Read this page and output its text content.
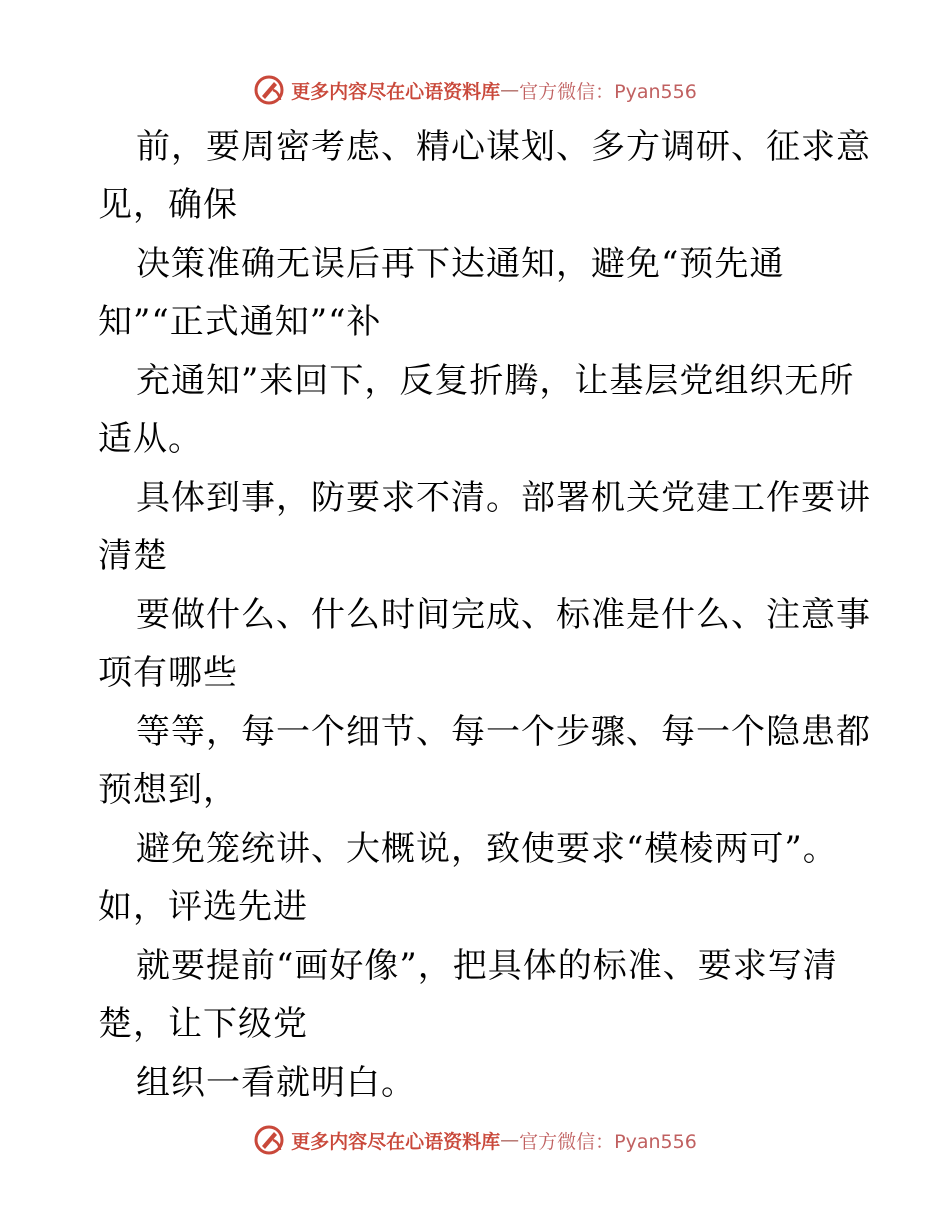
更多内容尽在心语资料库 — 官方微信：Pyan556
前，要周密考虑、精心谋划、多方调研、征求意
见，确保
决策准确无误后再下达通知，避免“预先通
知”“正式通知”“补
充通知”来回下，反复折腾，让基层党组织无所
适从。
具体到事，防要求不清。部署机关党建工作要讲
清楚
要做什么、什么时间完成、标准是什么、注意事
项有哪些
等等，每一个细节、每一个步骤、每一个隐患都
预想到，
避免笼统讲、大概说，致使要求“模棱两可”。
如，评选先进
就要提前“画好像”，把具体的标准、要求写清
楚，让下级党
组织一看就明白。
更多内容尽在心语资料库 — 官方微信：Pyan556
